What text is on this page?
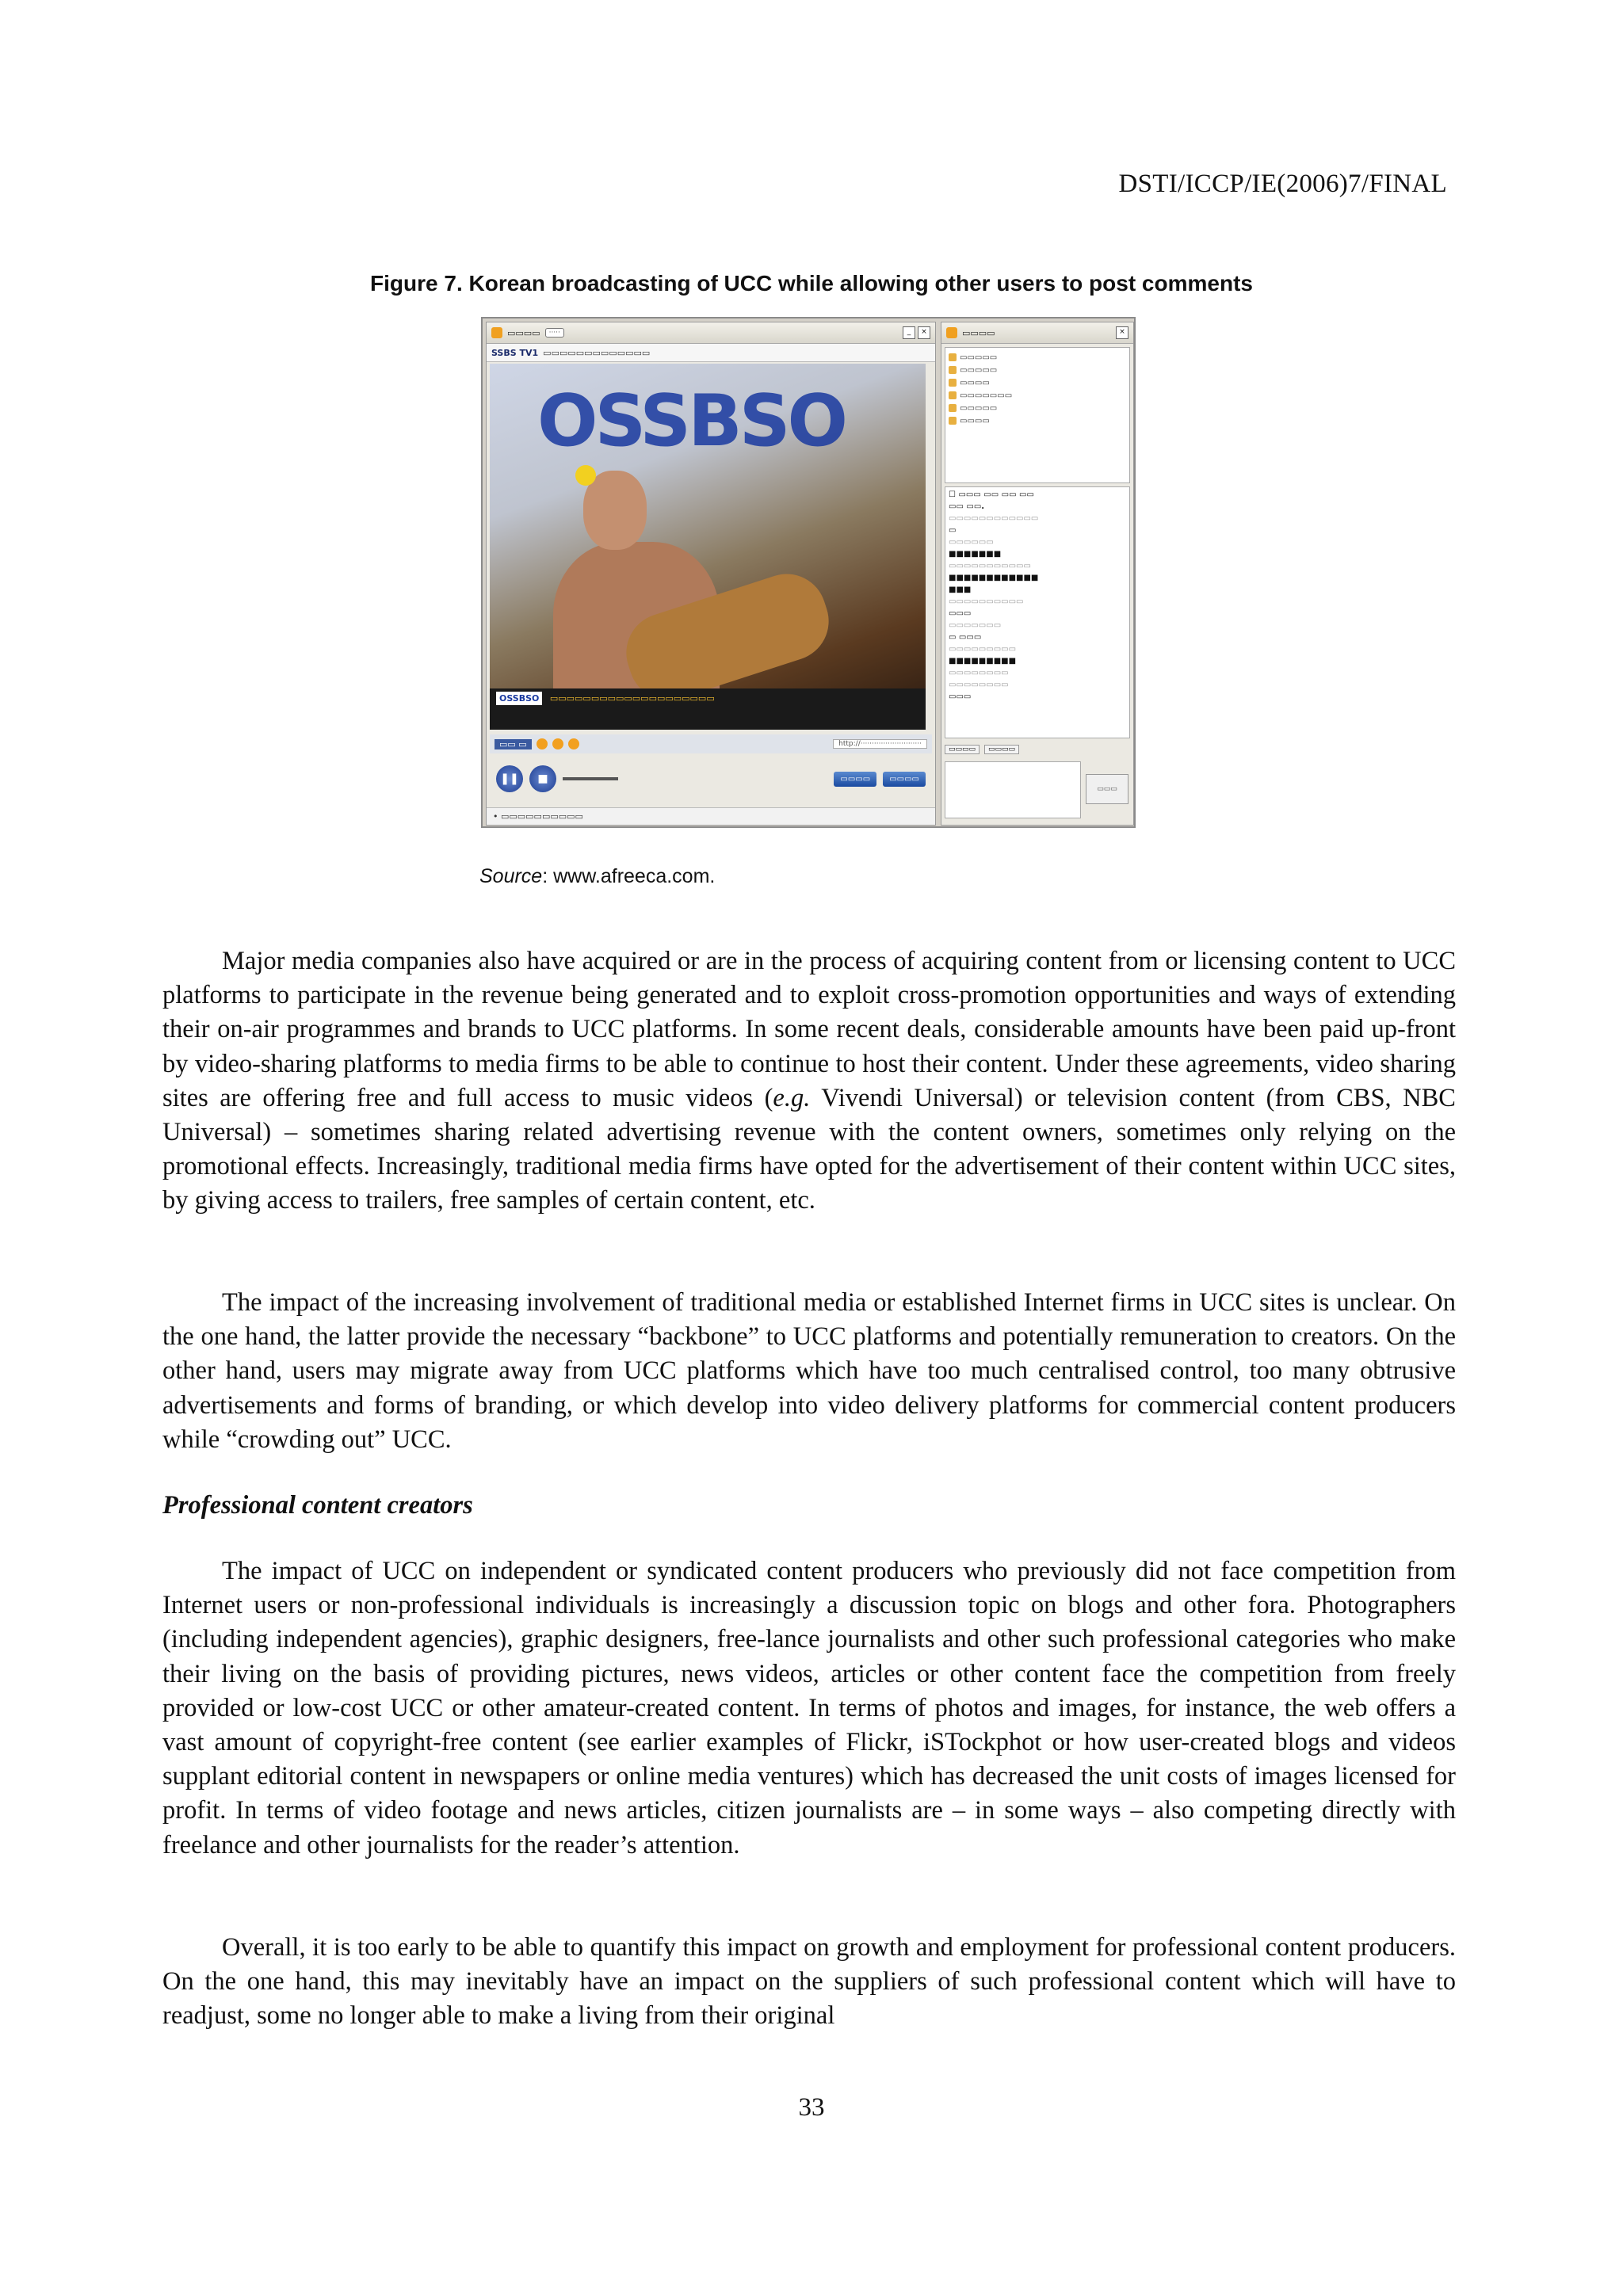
DSTI/ICCP/IE(2006)7/FINAL
Figure 7. Korean broadcasting of UCC while allowing other users to post comments
▭▭▭▭	·····	_	×
SSBS TV1 ▭▭▭▭▭▭▭▭▭▭▭▭▭
OSSBSO
OSSBSO ▭▭▭▭▭▭▭▭▭▭▭▭▭▭▭▭▭▭▭▭
▭▭ ▭	http://···························
❚❚	■	▭▭▭▭	▭▭▭▭
• ▭▭▭▭▭▭▭▭▭▭
▭▭▭▭	×
▭▭▭▭▭
▭▭▭▭▭
▭▭▭▭
▭▭▭▭▭▭▭
▭▭▭▭▭
▭▭▭▭
☐ ▭▭▭ ▭▭ ▭▭ ▭▭
▭▭ ▭▭.
▭▭▭▭▭▭▭▭▭▭▭▭
▭
▭▭▭▭▭▭
■■■■■■■
▭▭▭▭▭▭▭▭▭▭▭
■■■■■■■■■■■■
■■■
▭▭▭▭▭▭▭▭▭▭
▭▭▭
▭▭▭▭▭▭▭
▭ ▭▭▭
▭▭▭▭▭▭▭▭▭
■■■■■■■■■
▭▭▭▭▭▭▭▭
▭▭▭▭▭▭▭▭
▭▭▭
▭▭▭▭	▭▭▭▭
▭▭▭
Source: www.afreeca.com.

Major media companies also have acquired or are in the process of acquiring content from or licensing content to UCC platforms to participate in the revenue being generated and to exploit cross-promotion opportunities and ways of extending their on-air programmes and brands to UCC platforms. In some recent deals, considerable amounts have been paid up-front by video-sharing platforms to media firms to be able to continue to host their content. Under these agreements, video sharing sites are offering free and full access to music videos (e.g. Vivendi Universal) or television content (from CBS, NBC Universal) – sometimes sharing related advertising revenue with the content owners, sometimes only relying on the promotional effects. Increasingly, traditional media firms have opted for the advertisement of their content within UCC sites, by giving access to trailers, free samples of certain content, etc.

The impact of the increasing involvement of traditional media or established Internet firms in UCC sites is unclear. On the one hand, the latter provide the necessary “backbone” to UCC platforms and potentially remuneration to creators. On the other hand, users may migrate away from UCC platforms which have too much centralised control, too many obtrusive advertisements and forms of branding, or which develop into video delivery platforms for commercial content producers while “crowding out” UCC.

Professional content creators

The impact of UCC on independent or syndicated content producers who previously did not face competition from Internet users or non-professional individuals is increasingly a discussion topic on blogs and other fora. Photographers (including independent agencies), graphic designers, free-lance journalists and other such professional categories who make their living on the basis of providing pictures, news videos, articles or other content face the competition from freely provided or low-cost UCC or other amateur-created content. In terms of photos and images, for instance, the web offers a vast amount of copyright-free content (see earlier examples of Flickr, iSTockphot or how user-created blogs and videos supplant editorial content in newspapers or online media ventures) which has decreased the unit costs of images licensed for profit. In terms of video footage and news articles, citizen journalists are – in some ways – also competing directly with freelance and other journalists for the reader’s attention.

Overall, it is too early to be able to quantify this impact on growth and employment for professional content producers. On the one hand, this may inevitably have an impact on the suppliers of such professional content which will have to readjust, some no longer able to make a living from their original

33
